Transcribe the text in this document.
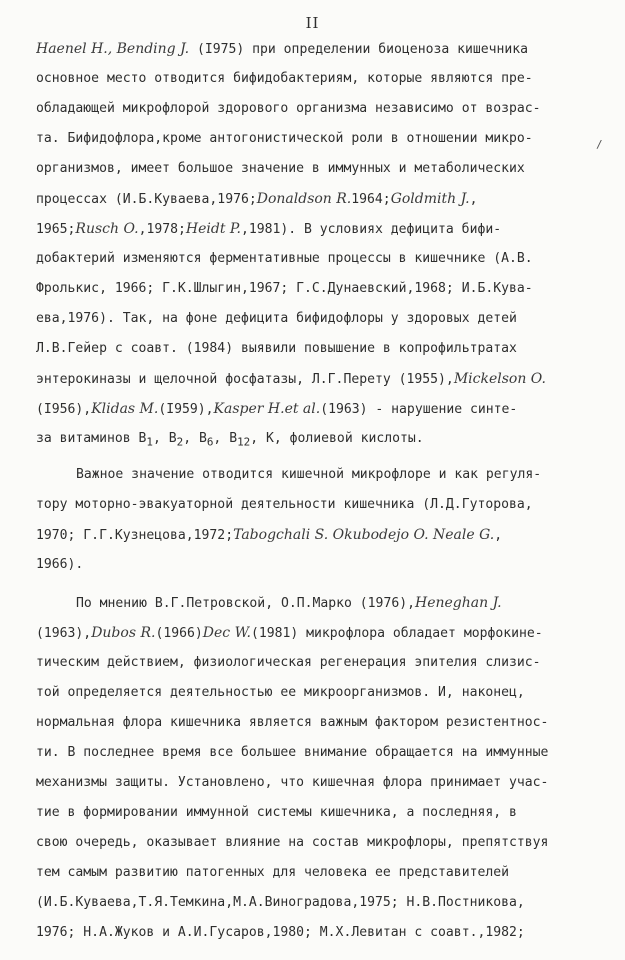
II
/
Haenel H., Bending J. (I975) при определении биоценоза кишечника
основное место отводится бифидобактериям, которые являются пре-
обладающей микрофлорой здорового организма независимо от возрас-
та. Бифидофлора,кроме антогонистической роли в отношении микро-
организмов, имеет большое значение в иммунных и метаболических
процессах (И.Б.Куваева,1976;Donaldson R.1964;Goldmith J.,
1965;Rusch O.,1978;Heidt P.,1981). В условиях дефицита бифи-
добактерий изменяются ферментативные процессы в кишечнике (А.В.
Фролькис, 1966; Г.К.Шлыгин,1967; Г.С.Дунаевский,1968; И.Б.Кува-
ева,1976). Так, на фоне дефицита бифидофлоры у здоровых детей
Л.В.Гейер с соавт. (1984) выявили повышение в копрофильтратах
энтерокиназы и щелочной фосфатазы, Л.Г.Перету (1955),Mickelson O.
(I956),Klidas M.(I959),Kasper H.et al.(1963) - нарушение синте-
за витаминов $B_1$, $B_2$, $B_6$, $B_{12}$, K, фолиевой кислоты.
Важное значение отводится кишечной микрофлоре и как регуля-
тору моторно-эвакуаторной деятельности кишечника (Л.Д.Гуторова,
1970; Г.Г.Кузнецова,1972;Tabogchali S. Okubodejo O. Neale G.,
1966).
По мнению В.Г.Петровской, О.П.Марко (1976),Heneghan J.
(1963),Dubos R.(1966)Dec W.(1981) микрофлора обладает морфокине-
тическим действием, физиологическая регенерация эпителия слизис-
той определяется деятельностью ее микроорганизмов. И, наконец,
нормальная флора кишечника является важным фактором резистентнос-
ти. В последнее время все большее внимание обращается на иммунные
механизмы защиты. Установлено, что кишечная флора принимает учас-
тие в формировании иммунной системы кишечника, а последняя, в
свою очередь, оказывает влияние на состав микрофлоры, препятствуя
тем самым развитию патогенных для человека ее представителей
(И.Б.Куваева,Т.Я.Темкина,М.А.Виноградова,1975; Н.В.Постникова,
1976; Н.А.Жуков и А.И.Гусаров,1980; М.Х.Левитан с соавт.,1982;
